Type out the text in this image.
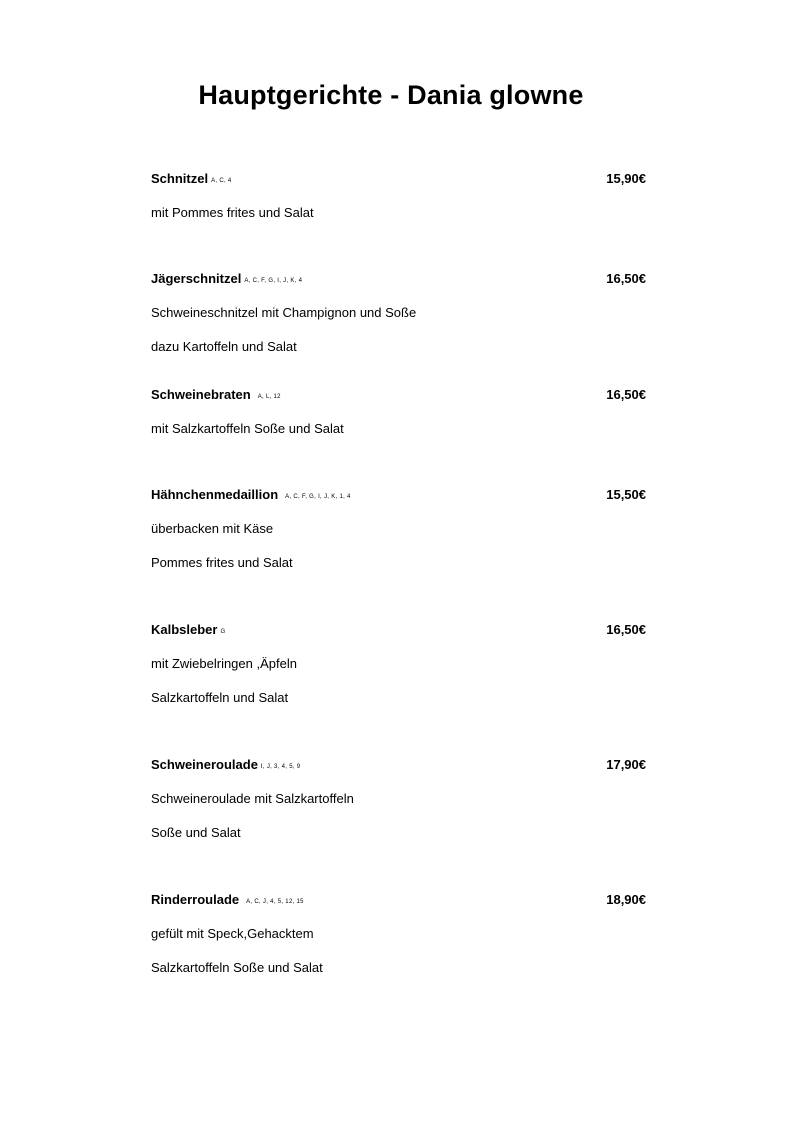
Hauptgerichte - Dania glowne
Schnitzel A, C, 4	15,90€
mit Pommes frites und Salat
Jägerschnitzel A, C, F, G, I, J, K, 4	16,50€
Schweineschnitzel mit Champignon und Soße
dazu Kartoffeln und Salat
Schweinebraten A, L, 12	16,50€
mit Salzkartoffeln Soße und Salat
Hähnchenmedaillion A, C, F, G, I, J, K, 1, 4	15,50€
überbacken mit Käse
Pommes frites und Salat
Kalbsleber G	16,50€
mit Zwiebelringen ,Äpfeln
Salzkartoffeln und Salat
Schweineroulade I, J, 3, 4, 5, 9	17,90€
Schweineroulade mit Salzkartoffeln
Soße und Salat
Rinderroulade A, C, J, 4, 5, 12, 15	18,90€
gefült mit Speck,Gehacktem
Salzkartoffeln Soße und Salat
